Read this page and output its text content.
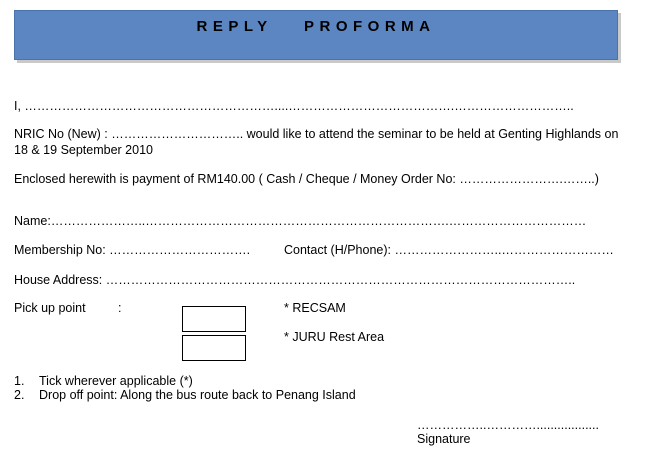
REPLY PROFORMA
I, ……………………………………………………....………………………………….………………………..
NRIC No (New) : ………………………….. would like to attend the seminar to be held at Genting Highlands on
18 & 19 September 2010
Enclosed herewith is payment of RM140.00 ( Cash / Cheque / Money Order No: …………………….……..)
Name:…………………..……………………………………………………………….……………………………
Membership No: …………………………….	Contact (H/Phone): ……………………..………………………
House Address: …………………………………………………………………………………………………..
Pick up point	:	* RECSAM
* JURU Rest Area
1. Tick wherever applicable (*)
2. Drop off point: Along the bus route back to Penang Island
……………..…………..................
Signature
